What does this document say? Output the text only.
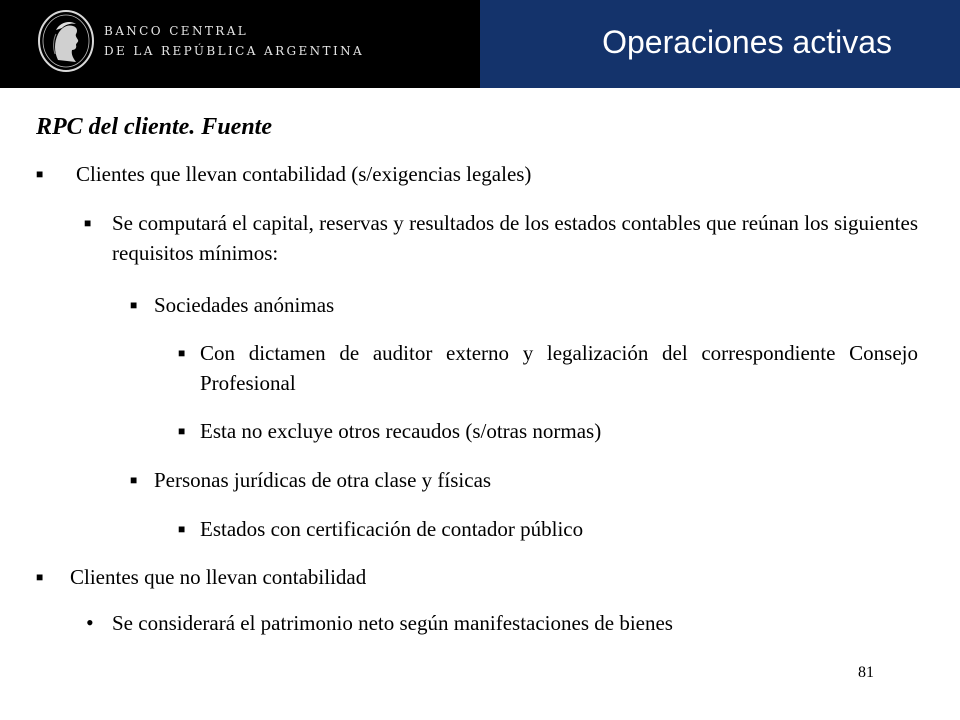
BANCO CENTRAL
DE LA REPÚBLICA ARGENTINA	Operaciones activas
RPC del cliente. Fuente
■ Clientes que llevan contabilidad (s/exigencias legales)
■ Se computará el capital, reservas y resultados de los estados contables que reúnan los siguientes requisitos mínimos:
■ Sociedades anónimas
■ Con dictamen de auditor externo y legalización del correspondiente Consejo Profesional
■ Esta no excluye otros recaudos (s/otras normas)
■ Personas jurídicas de otra clase y físicas
■ Estados con certificación de contador público
■ Clientes que no llevan contabilidad
• Se considerará el patrimonio neto según manifestaciones de bienes
81
